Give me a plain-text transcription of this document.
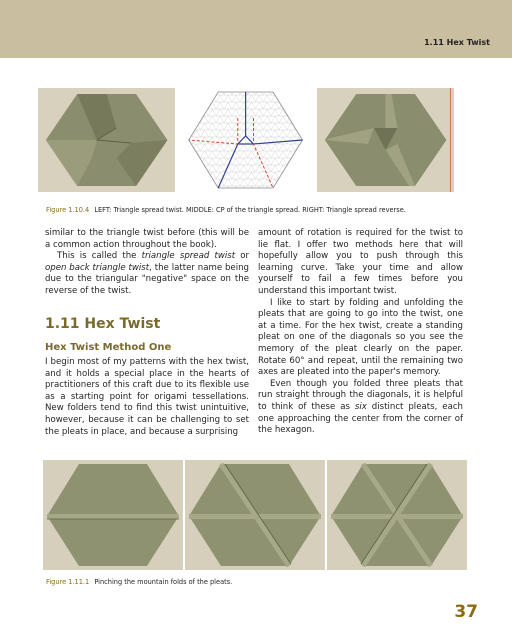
1.11 Hex Twist
Figure 1.10.4 LEFT: Triangle spread twist. MIDDLE: CP of the triangle spread. RIGHT: Triangle spread reverse.

similar to the triangle twist before (this will be a common action throughout the book).

This is called the triangle spread twist or open back triangle twist, the latter name being due to the triangular "negative" space on the reverse of the twist.

1.11 Hex Twist
Hex Twist Method One

I begin most of my patterns with the hex twist, and it holds a special place in the hearts of practitioners of this craft due to its flexible use as a starting point for origami tessellations. New folders tend to find this twist unintuitive, however, because it can be challenging to set the pleats in place, and because a surprising

amount of rotation is required for the twist to lie flat. I offer two methods here that will hopefully allow you to push through this learning curve. Take your time and allow yourself to fail a few times before you understand this important twist.

I like to start by folding and unfolding the pleats that are going to go into the twist, one at a time. For the hex twist, create a standing pleat on one of the diagonals so you see the memory of the pleat clearly on the paper. Rotate 60° and repeat, until the remaining two axes are pleated into the paper's memory.

Even though you folded three pleats that run straight through the diagonals, it is helpful to think of these as six distinct pleats, each one approaching the center from the corner of the hexagon.

Figure 1.11.1 Pinching the mountain folds of the pleats.
37
